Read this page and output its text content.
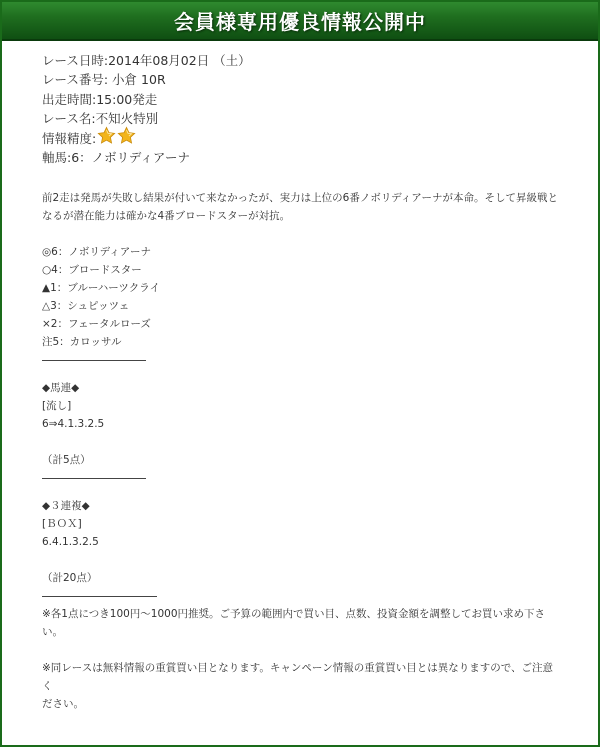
会員様専用優良情報公開中
レース日時:2014年08月02日 （土）
レース番号: 小倉 10R
出走時間:15:00発走
レース名:不知火特別
情報精度:
軸馬:6：ノボリディアーナ
前2走は発馬が失敗し結果が付いて来なかったが、実力は上位の6番ノボリディアーナが本命。そして昇級戦と
なるが潜在能力は確かな4番ブロードスターが対抗。
◎6：ノボリディアーナ
○4：ブロードスター
▲1：ブルーハーツクライ
△3：シュピッツェ
×2：フェータルローズ
注5：カロッサル
◆馬連◆
[流し]
6⇒4.1.3.2.5
（計5点）
◆３連複◆
[ＢＯＸ]
6.4.1.3.2.5
（計20点）
※各1点につき100円～1000円推奨。ご予算の範囲内で買い目、点数、投資金額を調整してお買い求め下さい。
※同レースは無料情報の重賞買い目となります。キャンペーン情報の重賞買い目とは異なりますので、ご注意く
ださい。
